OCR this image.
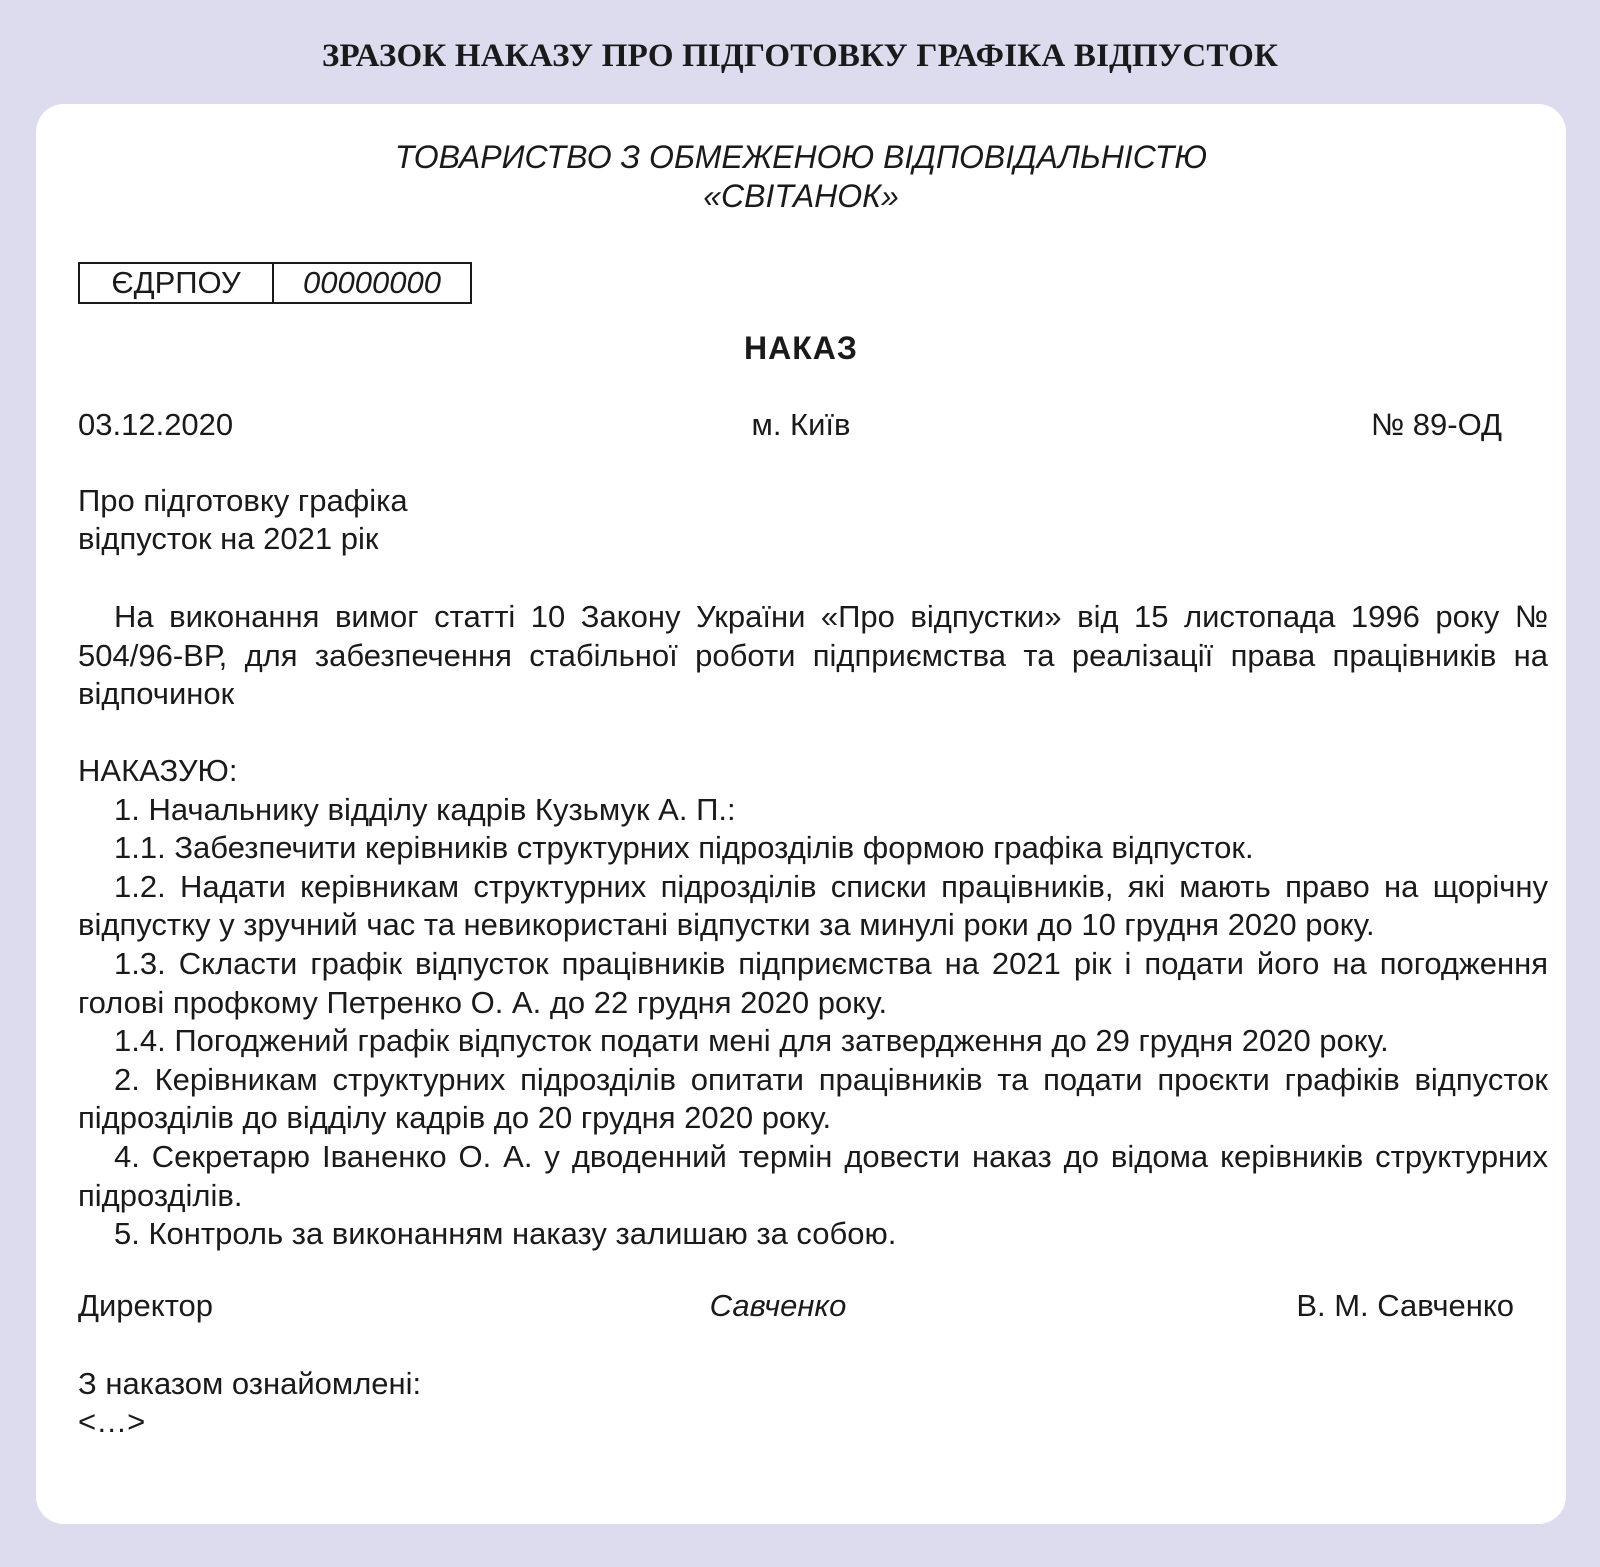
ЗРАЗОК НАКАЗУ ПРО ПІДГОТОВКУ ГРАФІКА ВІДПУСТОК
ТОВАРИСТВО З ОБМЕЖЕНОЮ ВІДПОВІДАЛЬНІСТЮ
«СВІТАНОК»
ЄДРПОУ	00000000
НАКАЗ
03.12.2020	м. Київ	№ 89-ОД
Про підготовку графіка
відпусток на 2021 рік

На виконання вимог статті 10 Закону України «Про відпустки» від 15 листопада 1996 року № 504/96-ВР, для забезпечення стабільної роботи підприємства та реалізації права працівників на відпочинок

НАКАЗУЮ:

1. Начальнику відділу кадрів Кузьмук А. П.:

1.1. Забезпечити керівників структурних підрозділів формою графіка відпусток.

1.2. Надати керівникам структурних підрозділів списки працівників, які мають право на щорічну відпустку у зручний час та невикористані відпустки за минулі роки до 10 грудня 2020 року.

1.3. Скласти графік відпусток працівників підприємства на 2021 рік і подати його на погодження голові профкому Петренко О. А. до 22 грудня 2020 року.

1.4. Погоджений графік відпусток подати мені для затвердження до 29 грудня 2020 року.

2. Керівникам структурних підрозділів опитати працівників та подати проєкти графіків відпусток підрозділів до відділу кадрів до 20 грудня 2020 року.

4. Секретарю Іваненко О. А. у дводенний термін довести наказ до відома керівників структурних підрозділів.

5. Контроль за виконанням наказу залишаю за собою.

Директор	Савченко	В. М. Савченко
З наказом ознайомлені:
<…>
